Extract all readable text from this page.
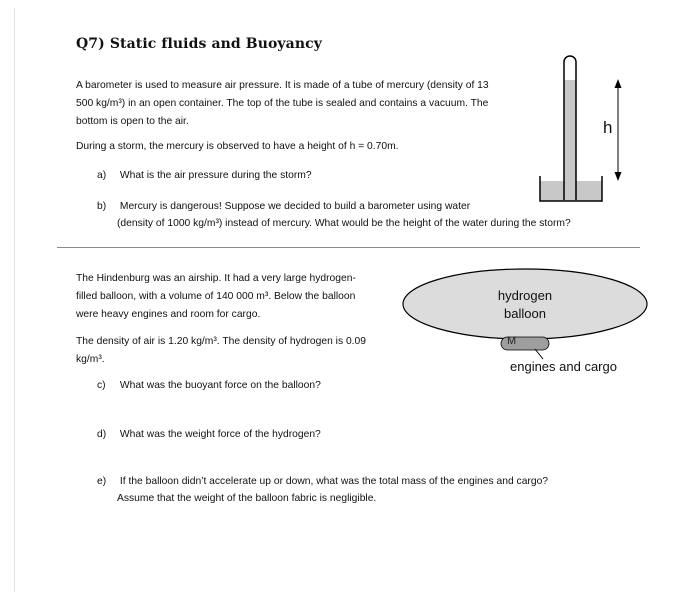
Q7) Static fluids and Buoyancy
A barometer is used to measure air pressure. It is made of a tube of mercury (density of 13
500 kg/m³) in an open container. The top of the tube is sealed and contains a vacuum. The
bottom is open to the air.
During a storm, the mercury is observed to have a height of h = 0.70m.
a) What is the air pressure during the storm?
b) Mercury is dangerous! Suppose we decided to build a barometer using water
(density of 1000 kg/m³) instead of mercury. What would be the height of the water during the storm?
h
The Hindenburg was an airship. It had a very large hydrogen-
filled balloon, with a volume of 140 000 m³. Below the balloon
were heavy engines and room for cargo.
The density of air is 1.20 kg/m³. The density of hydrogen is 0.09
kg/m³.
c) What was the buoyant force on the balloon?
d) What was the weight force of the hydrogen?
e) If the balloon didn’t accelerate up or down, what was the total mass of the engines and cargo?
Assume that the weight of the balloon fabric is negligible.
hydrogen
balloon
M
engines and cargo
